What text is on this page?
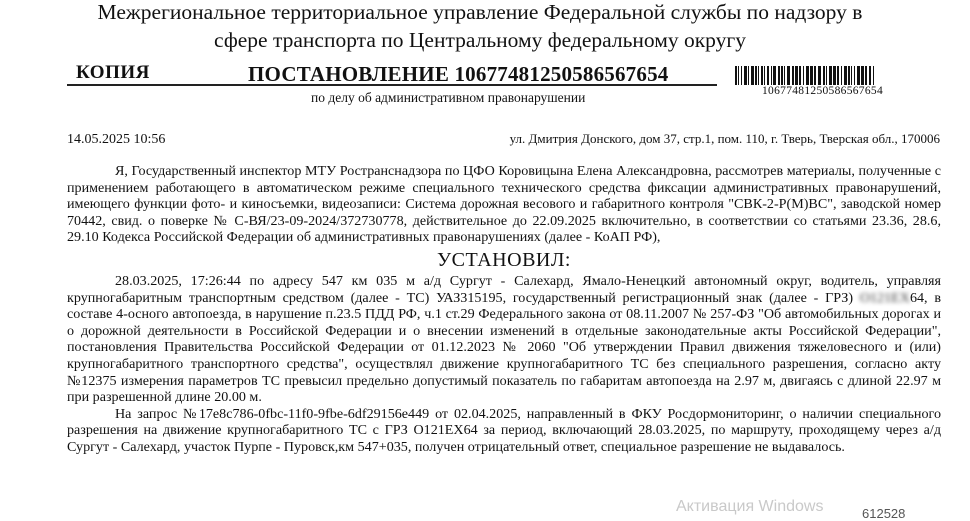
Межрегиональное территориальное управление Федеральной службы по надзору в
сфере транспорта по Центральному федеральному округу
КОПИЯ	ПОСТАНОВЛЕНИЕ 10677481250586567654
по делу об административном правонарушении	10677481250586567654
14.05.2025 10:56	ул. Дмитрия Донского, дом 37, стр.1, пом. 110, г. Тверь, Тверская обл., 170006

Я, Государственный инспектор МТУ Ространснадзора по ЦФО Коровицына Елена Александровна, рассмотрев материалы, полученные с применением работающего в автоматическом режиме специального технического средства фиксации административных правонарушений, имеющего функции фото- и киносъемки, видеозаписи: Система дорожная весового и габаритного контроля "СВК-2-Р(М)ВС", заводской номер 70442, свид. о поверке № С-ВЯ/23-09-2024/372730778, действительное до 22.09.2025 включительно, в соответствии со статьями 23.36, 28.6, 29.10 Кодекса Российской Федерации об административных правонарушениях (далее - КоАП РФ),

УСТАНОВИЛ:

28.03.2025, 17:26:44 по адресу 547 км 035 м а/д Сургут - Салехард, Ямало-Ненецкий автономный округ, водитель, управляя крупногабаритным транспортным средством (далее - ТС) УАЗ315195, государственный регистрационный знак (далее - ГРЗ) О121ЕХ64, в составе 4-осного автопоезда, в нарушение п.23.5 ПДД РФ, ч.1 ст.29 Федерального закона от 08.11.2007 № 257-ФЗ "Об автомобильных дорогах и о дорожной деятельности в Российской Федерации и о внесении изменений в отдельные законодательные акты Российской Федерации", постановления Правительства Российской Федерации от 01.12.2023 № 2060 "Об утверждении Правил движения тяжеловесного и (или) крупногабаритного транспортного средства", осуществлял движение крупногабаритного ТС без специального разрешения, согласно акту №12375 измерения параметров ТС превысил предельно допустимый показатель по габаритам автопоезда на 2.97 м, двигаясь с длиной 22.97 м при разрешенной длине 20.00 м.

На запрос №17е8с786-0fbc-11f0-9fbe-6df29156e449 от 02.04.2025, направленный в ФКУ Росдормониторинг, о наличии специального разрешения на движение крупногабаритного ТС с ГРЗ О121ЕХ64 за период, включающий 28.03.2025, по маршруту, проходящему через а/д Сургут - Салехард, участок Пурпе - Пуровск,км 547+035, получен отрицательный ответ, специальное разрешение не выдавалось.

Активация Windows	612528
